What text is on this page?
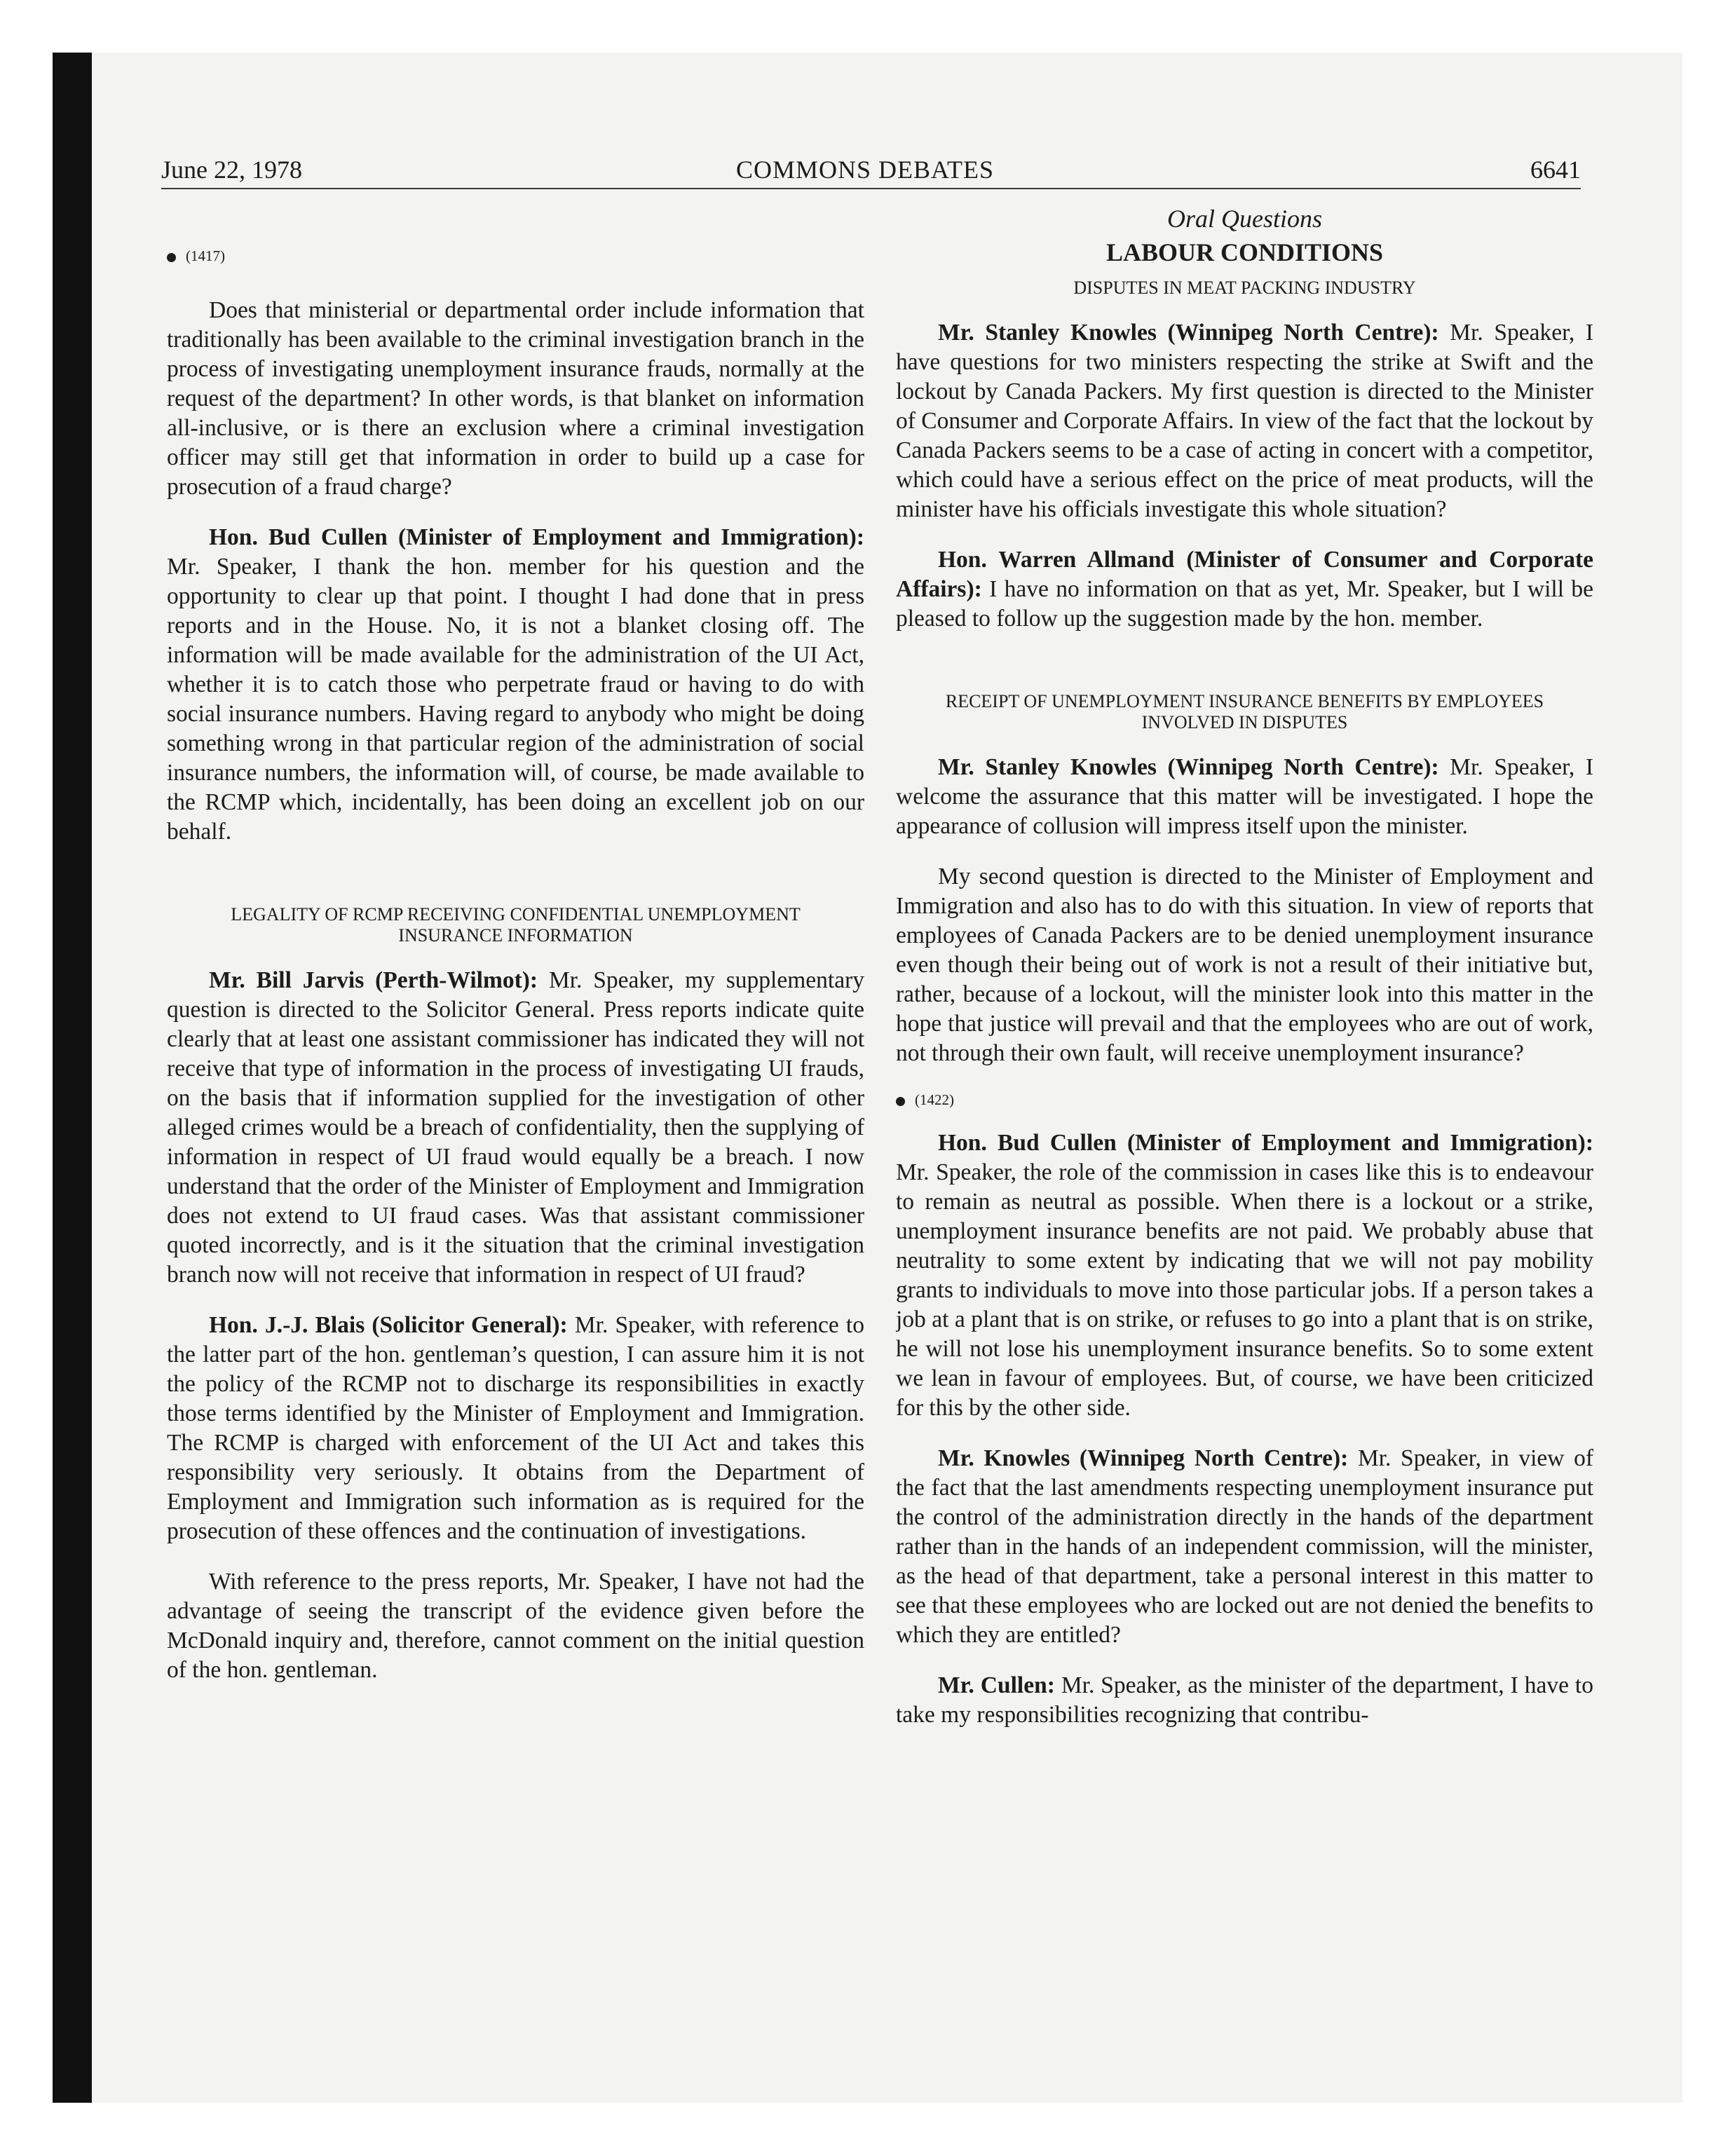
June 22, 1978	COMMONS DEBATES	6641
(1417)

Does that ministerial or departmental order include information that traditionally has been available to the criminal investigation branch in the process of investigating unemployment insurance frauds, normally at the request of the department? In other words, is that blanket on information all-inclusive, or is there an exclusion where a criminal investigation officer may still get that information in order to build up a case for prosecution of a fraud charge?

Hon. Bud Cullen (Minister of Employment and Immigration): Mr. Speaker, I thank the hon. member for his question and the opportunity to clear up that point. I thought I had done that in press reports and in the House. No, it is not a blanket closing off. The information will be made available for the administration of the UI Act, whether it is to catch those who perpetrate fraud or having to do with social insurance numbers. Having regard to anybody who might be doing something wrong in that particular region of the administration of social insurance numbers, the information will, of course, be made available to the RCMP which, incidentally, has been doing an excellent job on our behalf.

LEGALITY OF RCMP RECEIVING CONFIDENTIAL UNEMPLOYMENT INSURANCE INFORMATION

Mr. Bill Jarvis (Perth-Wilmot): Mr. Speaker, my supplementary question is directed to the Solicitor General. Press reports indicate quite clearly that at least one assistant commissioner has indicated they will not receive that type of information in the process of investigating UI frauds, on the basis that if information supplied for the investigation of other alleged crimes would be a breach of confidentiality, then the supplying of information in respect of UI fraud would equally be a breach. I now understand that the order of the Minister of Employment and Immigration does not extend to UI fraud cases. Was that assistant commissioner quoted incorrectly, and is it the situation that the criminal investigation branch now will not receive that information in respect of UI fraud?

Hon. J.-J. Blais (Solicitor General): Mr. Speaker, with reference to the latter part of the hon. gentleman’s question, I can assure him it is not the policy of the RCMP not to discharge its responsibilities in exactly those terms identified by the Minister of Employment and Immigration. The RCMP is charged with enforcement of the UI Act and takes this responsibility very seriously. It obtains from the Department of Employment and Immigration such information as is required for the prosecution of these offences and the continuation of investigations.

With reference to the press reports, Mr. Speaker, I have not had the advantage of seeing the transcript of the evidence given before the McDonald inquiry and, therefore, cannot comment on the initial question of the hon. gentleman.

Oral Questions
LABOUR CONDITIONS
DISPUTES IN MEAT PACKING INDUSTRY

Mr. Stanley Knowles (Winnipeg North Centre): Mr. Speaker, I have questions for two ministers respecting the strike at Swift and the lockout by Canada Packers. My first question is directed to the Minister of Consumer and Corporate Affairs. In view of the fact that the lockout by Canada Packers seems to be a case of acting in concert with a competitor, which could have a serious effect on the price of meat products, will the minister have his officials investigate this whole situation?

Hon. Warren Allmand (Minister of Consumer and Corporate Affairs): I have no information on that as yet, Mr. Speaker, but I will be pleased to follow up the suggestion made by the hon. member.

RECEIPT OF UNEMPLOYMENT INSURANCE BENEFITS BY EMPLOYEES INVOLVED IN DISPUTES

Mr. Stanley Knowles (Winnipeg North Centre): Mr. Speaker, I welcome the assurance that this matter will be investigated. I hope the appearance of collusion will impress itself upon the minister.

My second question is directed to the Minister of Employment and Immigration and also has to do with this situation. In view of reports that employees of Canada Packers are to be denied unemployment insurance even though their being out of work is not a result of their initiative but, rather, because of a lockout, will the minister look into this matter in the hope that justice will prevail and that the employees who are out of work, not through their own fault, will receive unemployment insurance?

(1422)

Hon. Bud Cullen (Minister of Employment and Immigration): Mr. Speaker, the role of the commission in cases like this is to endeavour to remain as neutral as possible. When there is a lockout or a strike, unemployment insurance benefits are not paid. We probably abuse that neutrality to some extent by indicating that we will not pay mobility grants to individuals to move into those particular jobs. If a person takes a job at a plant that is on strike, or refuses to go into a plant that is on strike, he will not lose his unemployment insurance benefits. So to some extent we lean in favour of employees. But, of course, we have been criticized for this by the other side.

Mr. Knowles (Winnipeg North Centre): Mr. Speaker, in view of the fact that the last amendments respecting unemployment insurance put the control of the administration directly in the hands of the department rather than in the hands of an independent commission, will the minister, as the head of that department, take a personal interest in this matter to see that these employees who are locked out are not denied the benefits to which they are entitled?

Mr. Cullen: Mr. Speaker, as the minister of the department, I have to take my responsibilities recognizing that contribu-
